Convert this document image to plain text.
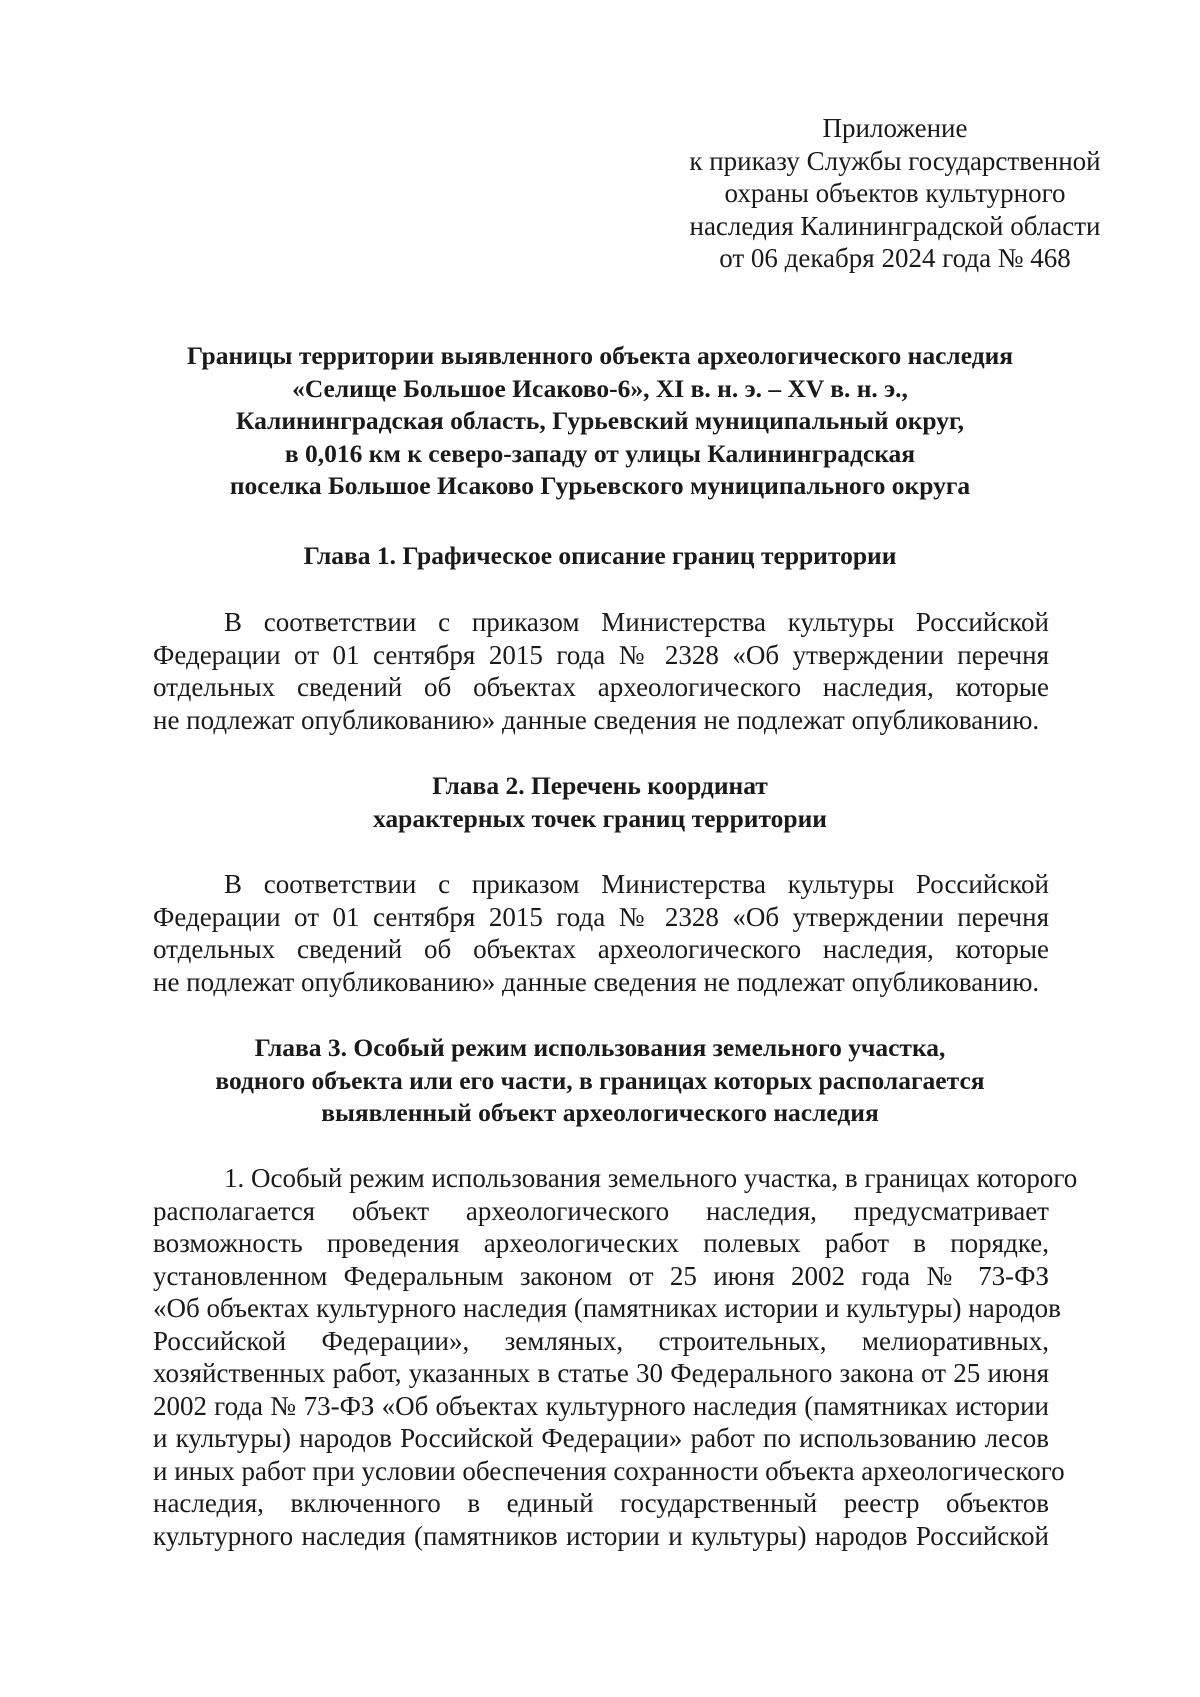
Приложение
к приказу Службы государственной
охраны объектов культурного
наследия Калининградской области
от 06 декабря 2024 года № 468
Границы территории выявленного объекта археологического наследия
«Селище Большое Исаково-6», XI в. н. э. – XV в. н. э.,
Калининградская область, Гурьевский муниципальный округ,
в 0,016 км к северо-западу от улицы Калининградская
поселка Большое Исаково Гурьевского муниципального округа
Глава 1. Графическое описание границ территории
В соответствии с приказом Министерства культуры Российской
Федерации от 01 сентября 2015 года № 2328 «Об утверждении перечня
отдельных сведений об объектах археологического наследия, которые
не подлежат опубликованию» данные сведения не подлежат опубликованию.
Глава 2. Перечень координат
характерных точек границ территории
В соответствии с приказом Министерства культуры Российской
Федерации от 01 сентября 2015 года № 2328 «Об утверждении перечня
отдельных сведений об объектах археологического наследия, которые
не подлежат опубликованию» данные сведения не подлежат опубликованию.
Глава 3. Особый режим использования земельного участка,
водного объекта или его части, в границах которых располагается
выявленный объект археологического наследия
1. Особый режим использования земельного участка, в границах которого
располагается объект археологического наследия, предусматривает
возможность проведения археологических полевых работ в порядке,
установленном Федеральным законом от 25 июня 2002 года № 73-ФЗ
«Об объектах культурного наследия (памятниках истории и культуры) народов
Российской Федерации», земляных, строительных, мелиоративных,
хозяйственных работ, указанных в статье 30 Федерального закона от 25 июня
2002 года № 73-ФЗ «Об объектах культурного наследия (памятниках истории
и культуры) народов Российской Федерации» работ по использованию лесов
и иных работ при условии обеспечения сохранности объекта археологического
наследия, включенного в единый государственный реестр объектов
культурного наследия (памятников истории и культуры) народов Российской
